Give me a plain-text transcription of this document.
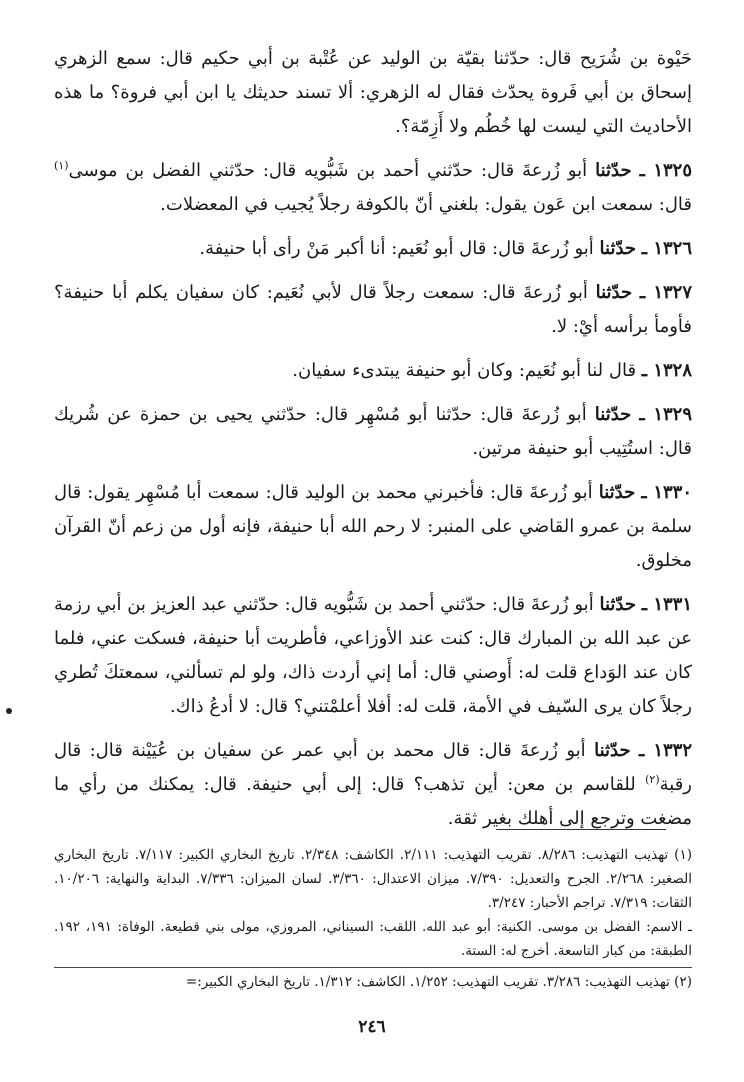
حَيْوة بن شُرَيح قال: حدّثنا بقيّة بن الوليد عن عُتْبة بن أبي حكيم قال: سمع الزهري إسحاق بن أبي فَروة يحدّث فقال له الزهري: ألا تسند حديثك يا ابن أبي فروة؟ ما هذه الأحاديث التي ليست لها خُطُم ولا أَزِمّة؟.

١٣٢٥ ـ حدّثنا أبو زُرعةَ قال: حدّثني أحمد بن شَبُّويه قال: حدّثني الفضل بن موسى$^{(١)}$ قال: سمعت ابن عَون يقول: بلغني أنّ بالكوفة رجلاً يُجيب في المعضلات.

١٣٢٦ ـ حدّثنا أبو زُرعةَ قال: قال أبو نُعَيم: أنا أكبر مَنْ رأى أبا حنيفة.

١٣٢٧ ـ حدّثنا أبو زُرعةَ قال: سمعت رجلاً قال لأبي نُعَيم: كان سفيان يكلم أبا حنيفة؟ فأومأ برأسه أيْ: لا.

١٣٢٨ ـ قال لنا أبو نُعَيم: وكان أبو حنيفة يبتدىء سفيان.

١٣٢٩ ـ حدّثنا أبو زُرعةَ قال: حدّثنا أبو مُسْهِر قال: حدّثني يحيى بن حمزة عن شُريك قال: استُتِيب أبو حنيفة مرتين.

١٣٣٠ ـ حدّثنا أبو زُرعةَ قال: فأخبرني محمد بن الوليد قال: سمعت أبا مُسْهِر يقول: قال سلمة بن عمرو القاضي على المنبر: لا رحم الله أبا حنيفة، فإنه أول من زعم أنّ القرآن مخلوق.

١٣٣١ ـ حدّثنا أبو زُرعةَ قال: حدّثني أحمد بن شَبُّويه قال: حدّثني عبد العزيز بن أبي رزمة عن عبد الله بن المبارك قال: كنت عند الأوزاعي، فأطريت أبا حنيفة، فسكت عني، فلما كان عند الوَداع قلت له: أَوصني قال: أما إني أردت ذاك، ولو لم تسألني، سمعتكَ تُطري رجلاً كان يرى السّيف في الأمة، قلت له: أفلا أعلمْتني؟ قال: لا أدعُ ذاك.

١٣٣٢ ـ حدّثنا أبو زُرعةَ قال: قال محمد بن أبي عمر عن سفيان بن عُيَيْنة قال: قال رقبة$^{(٢)}$ للقاسم بن معن: أين تذهب؟ قال: إلى أبي حنيفة. قال: يمكنك من رأي ما مضغت وترجع إلى أهلك بغير ثقة.

(١) تهذيب التهذيب: ٨/٢٨٦. تقريب التهذيب: ٢/١١١. الكاشف: ٢/٣٤٨. تاريخ البخاري الكبير: ٧/١١٧. تاريخ البخاري الصغير: ٢/٢٦٨. الجرح والتعديل: ٧/٣٩٠. ميزان الاعتدال: ٣/٣٦٠. لسان الميزان: ٧/٣٣٦. البداية والنهاية: ١٠/٢٠٦. الثقات: ٧/٣١٩. تراجم الأحبار: ٣/٢٤٧.

ـ الاسم: الفضل بن موسى. الكنية: أبو عبد الله. اللقب: السيناني، المروزي، مولى بني قطيعة. الوفاة: ١٩١، ١٩٢. الطبقة: من كبار التاسعة. أخرج له: الستة.

(٢) تهذيب التهذيب: ٣/٢٨٦. تقريب التهذيب: ١/٢٥٢. الكاشف: ١/٣١٢. تاريخ البخاري الكبير:=

٢٤٦
